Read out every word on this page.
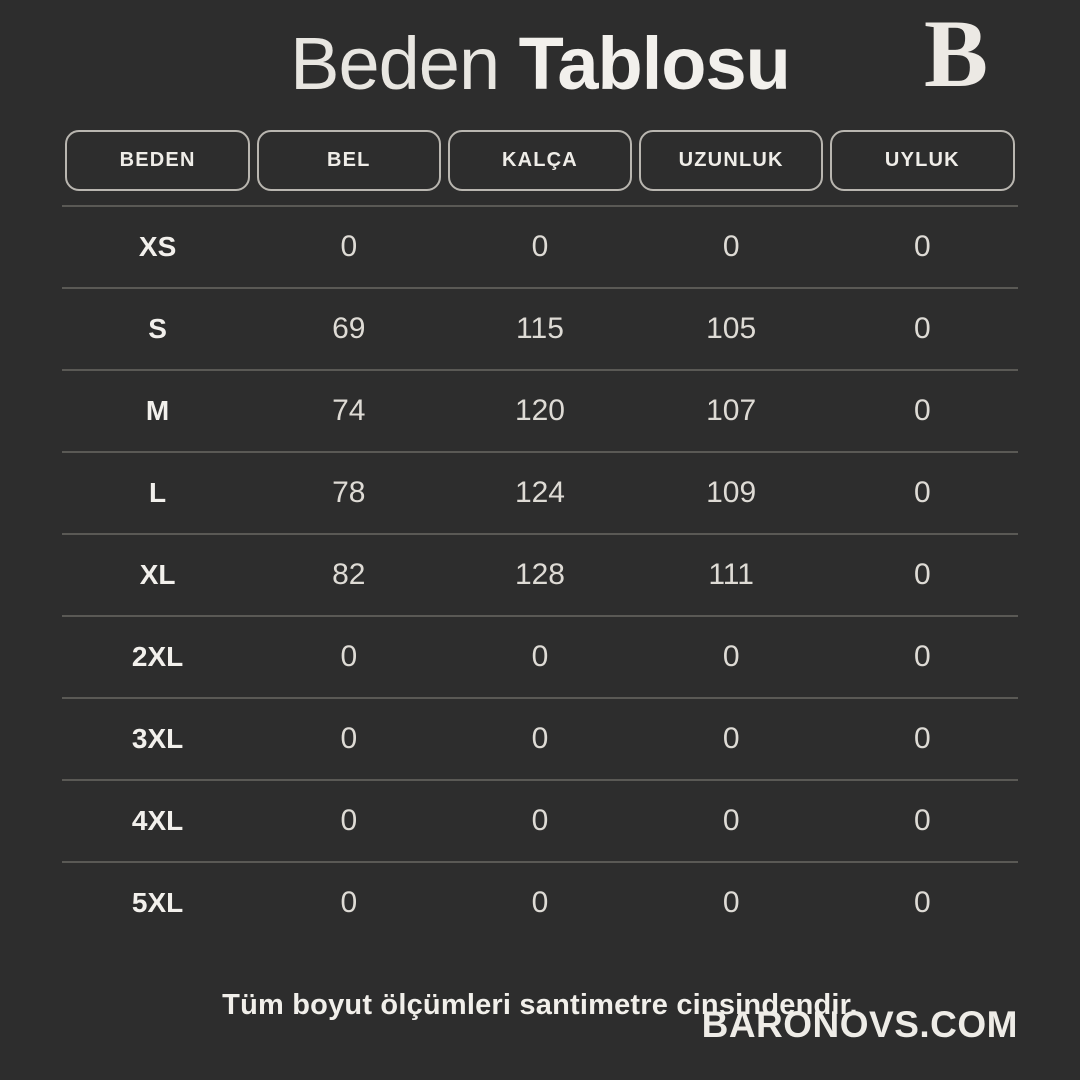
Beden Tablosu B
BEDEN	BEL	KALÇA	UZUNLUK	UYLUK

XS	0	0	0	0
S	69	115	105	0
M	74	120	107	0
L	78	124	109	0
XL	82	128	111	0
2XL	0	0	0	0
3XL	0	0	0	0
4XL	0	0	0	0
5XL	0	0	0	0
Tüm boyut ölçümleri santimetre cinsindendir.
BARONOVS.COM
